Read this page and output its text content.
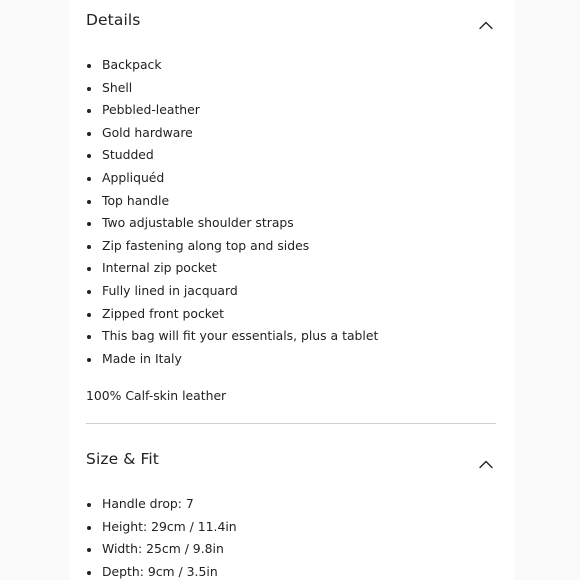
Details
Backpack
Shell
Pebbled-leather
Gold hardware
Studded
Appliquéd
Top handle
Two adjustable shoulder straps
Zip fastening along top and sides
Internal zip pocket
Fully lined in jacquard
Zipped front pocket
This bag will fit your essentials, plus a tablet
Made in Italy
100% Calf-skin leather
Size & Fit
Handle drop: 7
Height: 29cm / 11.4in
Width: 25cm / 9.8in
Depth: 9cm / 3.5in
